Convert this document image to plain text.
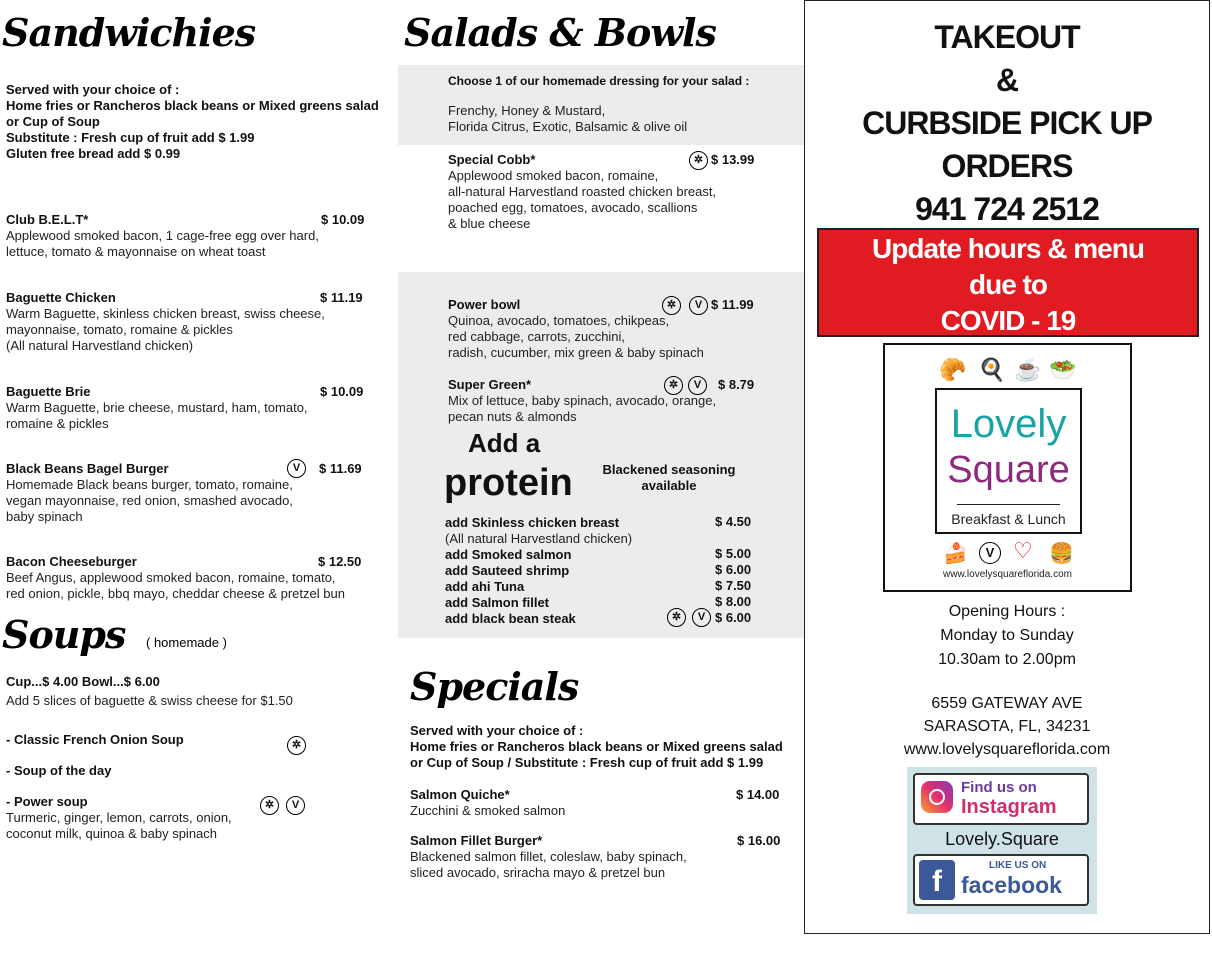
Sandwichies
Served with your choice of :
Home fries or Rancheros black beans or Mixed greens salad
or Cup of Soup
Substitute : Fresh cup of fruit add $ 1.99
Gluten free bread add $ 0.99
Club B.E.L.T*	$ 10.09
Applewood smoked bacon, 1 cage-free egg over hard,
lettuce, tomato & mayonnaise on wheat toast
Baguette Chicken	$ 11.19
Warm Baguette, skinless chicken breast, swiss cheese,
mayonnaise, tomato, romaine & pickles
(All natural Harvestland chicken)
Baguette Brie	$ 10.09
Warm Baguette, brie cheese, mustard, ham, tomato,
romaine & pickles
Black Beans Bagel Burger	V	$ 11.69
Homemade Black beans burger, tomato, romaine,
vegan mayonnaise, red onion, smashed avocado,
baby spinach
Bacon Cheeseburger	$ 12.50
Beef Angus, applewood smoked bacon, romaine, tomato,
red onion, pickle, bbq mayo, cheddar cheese & pretzel bun
Soups ( homemade )
Cup...$ 4.00 Bowl...$ 6.00
Add 5 slices of baguette & swiss cheese for $1.50
- Classic French Onion Soup	✲
- Soup of the day
- Power soup	✲	V
Turmeric, ginger, lemon, carrots, onion,
coconut milk, quinoa & baby spinach
Salads & Bowls
Choose 1 of our homemade dressing for your salad :
Frenchy, Honey & Mustard,
Florida Citrus, Exotic, Balsamic & olive oil
Special Cobb*	✲ $ 13.99
Applewood smoked bacon, romaine,
all-natural Harvestland roasted chicken breast,
poached egg, tomatoes, avocado, scallions
& blue cheese
Power bowl	✲	V $ 11.99
Quinoa, avocado, tomatoes, chikpeas,
red cabbage, carrots, zucchini,
radish, cucumber, mix green & baby spinach
Super Green*	✲	V	$ 8.79
Mix of lettuce, baby spinach, avocado, orange,
pecan nuts & almonds
Add a
protein	Blackened seasoning
available
add Skinless chicken breast	$ 4.50
(All natural Harvestland chicken)
add Smoked salmon	$ 5.00
add Sauteed shrimp	$ 6.00
add ahi Tuna	$ 7.50
add Salmon fillet	$ 8.00
add black bean steak	✲	V $ 6.00
Specials
Served with your choice of :
Home fries or Rancheros black beans or Mixed greens salad
or Cup of Soup / Substitute : Fresh cup of fruit add $ 1.99
Salmon Quiche*	$ 14.00
Zucchini & smoked salmon
Salmon Fillet Burger*	$ 16.00
Blackened salmon fillet, coleslaw, baby spinach,
sliced avocado, sriracha mayo & pretzel bun
TAKEOUT
&
CURBSIDE PICK UP
ORDERS
941 724 2512
Update hours & menu
due to
COVID - 19
🥐 🍳 ☕ 🥗
Lovely
Square
Breakfast & Lunch
🍰	V ♡ 🍔
www.lovelysquareflorida.com
Opening Hours :
Monday to Sunday
10.30am to 2.00pm
6559 GATEWAY AVE
SARASOTA, FL, 34231
www.lovelysquareflorida.com
Find us on
Instagram
Lovely.Square
f	LIKE US ON
facebook
